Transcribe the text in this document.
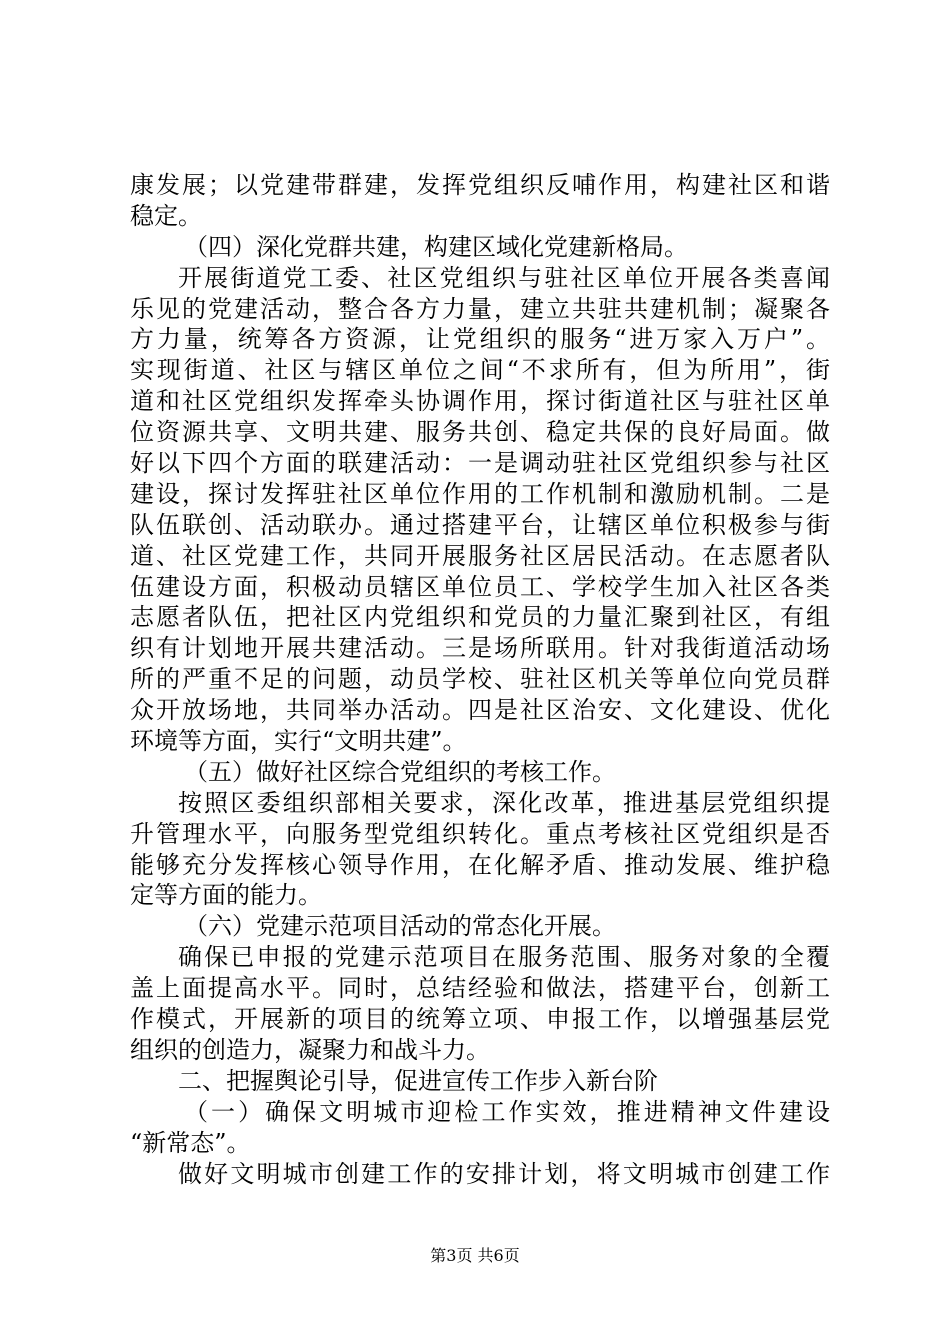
康发展；以党建带群建，发挥党组织反哺作用，构建社区和谐
稳定。
（四）深化党群共建，构建区域化党建新格局。
开展街道党工委、社区党组织与驻社区单位开展各类喜闻
乐见的党建活动，整合各方力量，建立共驻共建机制；凝聚各
方力量，统筹各方资源，让党组织的服务“进万家入万户”。
实现街道、社区与辖区单位之间“不求所有，但为所用”，街
道和社区党组织发挥牵头协调作用，探讨街道社区与驻社区单
位资源共享、文明共建、服务共创、稳定共保的良好局面。做
好以下四个方面的联建活动：一是调动驻社区党组织参与社区
建设，探讨发挥驻社区单位作用的工作机制和激励机制。二是
队伍联创、活动联办。通过搭建平台，让辖区单位积极参与街
道、社区党建工作，共同开展服务社区居民活动。在志愿者队
伍建设方面，积极动员辖区单位员工、学校学生加入社区各类
志愿者队伍，把社区内党组织和党员的力量汇聚到社区，有组
织有计划地开展共建活动。三是场所联用。针对我街道活动场
所的严重不足的问题，动员学校、驻社区机关等单位向党员群
众开放场地，共同举办活动。四是社区治安、文化建设、优化
环境等方面，实行“文明共建”。
（五）做好社区综合党组织的考核工作。
按照区委组织部相关要求，深化改革，推进基层党组织提
升管理水平，向服务型党组织转化。重点考核社区党组织是否
能够充分发挥核心领导作用，在化解矛盾、推动发展、维护稳
定等方面的能力。
（六）党建示范项目活动的常态化开展。
确保已申报的党建示范项目在服务范围、服务对象的全覆
盖上面提高水平。同时，总结经验和做法，搭建平台，创新工
作模式，开展新的项目的统筹立项、申报工作，以增强基层党
组织的创造力，凝聚力和战斗力。
二、把握舆论引导，促进宣传工作步入新台阶
（一）确保文明城市迎检工作实效，推进精神文件建设
“新常态”。
做好文明城市创建工作的安排计划，将文明城市创建工作
第3页 共6页
